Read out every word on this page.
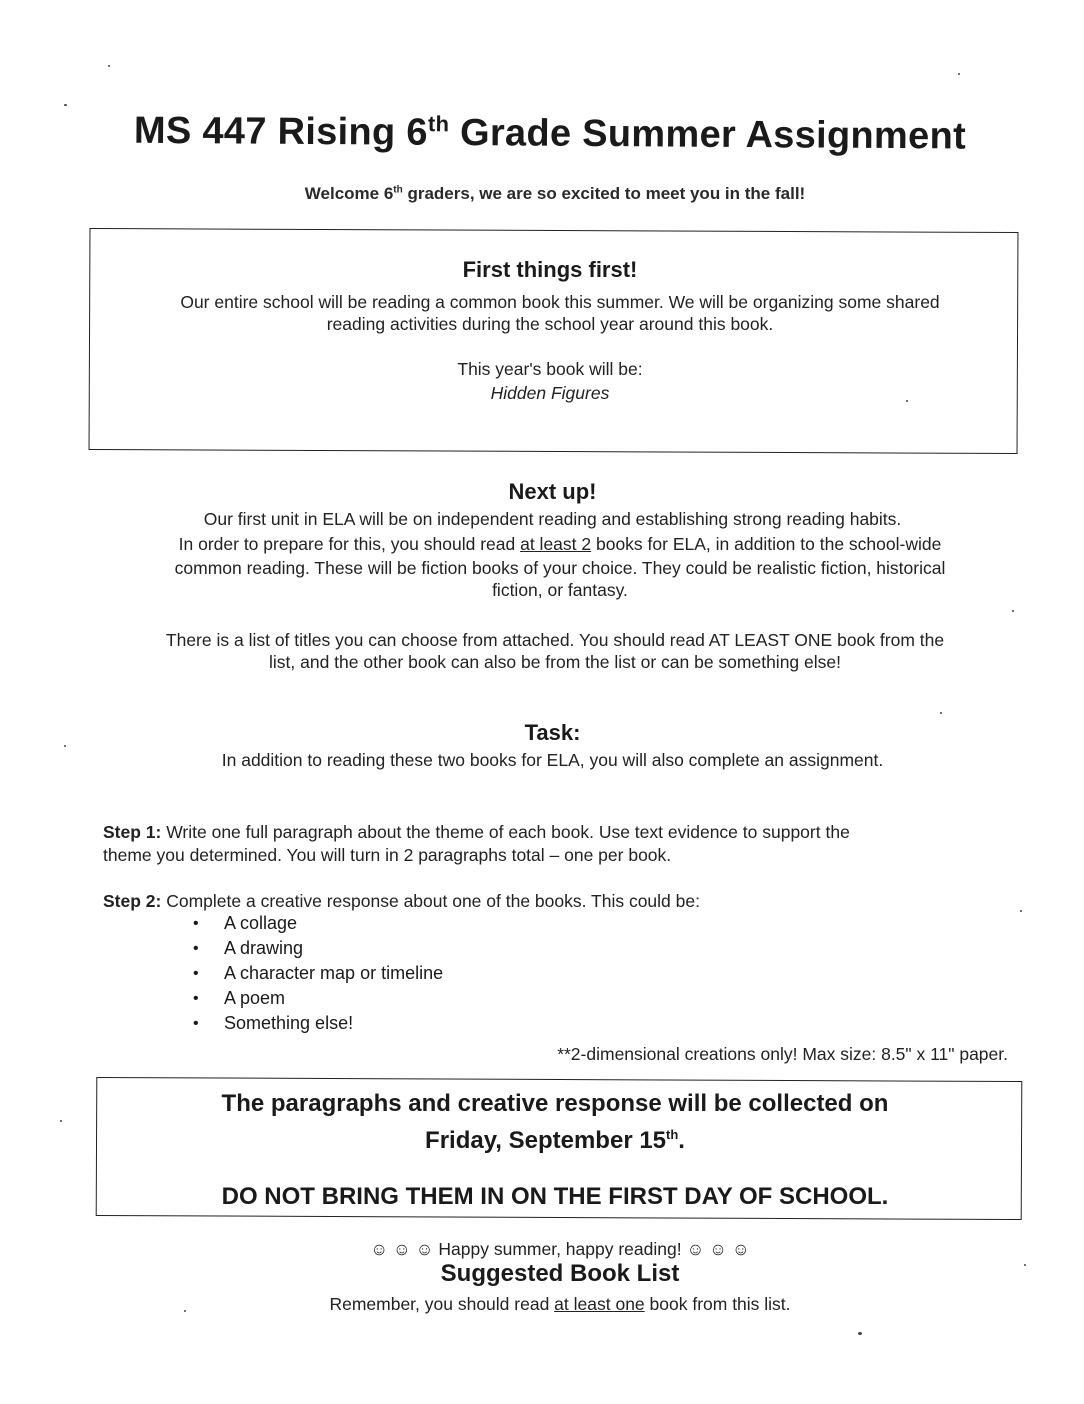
MS 447 Rising 6th Grade Summer Assignment
Welcome 6th graders, we are so excited to meet you in the fall!
First things first!
Our entire school will be reading a common book this summer. We will be organizing some shared
reading activities during the school year around this book.
This year's book will be:
Hidden Figures
Next up!
Our first unit in ELA will be on independent reading and establishing strong reading habits.
In order to prepare for this, you should read at least 2 books for ELA, in addition to the school-wide
common reading. These will be fiction books of your choice. They could be realistic fiction, historical
fiction, or fantasy.
There is a list of titles you can choose from attached. You should read AT LEAST ONE book from the
list, and the other book can also be from the list or can be something else!
Task:
In addition to reading these two books for ELA, you will also complete an assignment.
Step 1: Write one full paragraph about the theme of each book. Use text evidence to support the
theme you determined. You will turn in 2 paragraphs total – one per book.
Step 2: Complete a creative response about one of the books. This could be:
• A collage
• A drawing
• A character map or timeline
• A poem
• Something else!
**2-dimensional creations only! Max size: 8.5" x 11" paper.
The paragraphs and creative response will be collected on
Friday, September 15th.
DO NOT BRING THEM IN ON THE FIRST DAY OF SCHOOL.
☺ ☺ ☺ Happy summer, happy reading! ☺ ☺ ☺
Suggested Book List
Remember, you should read at least one book from this list.
